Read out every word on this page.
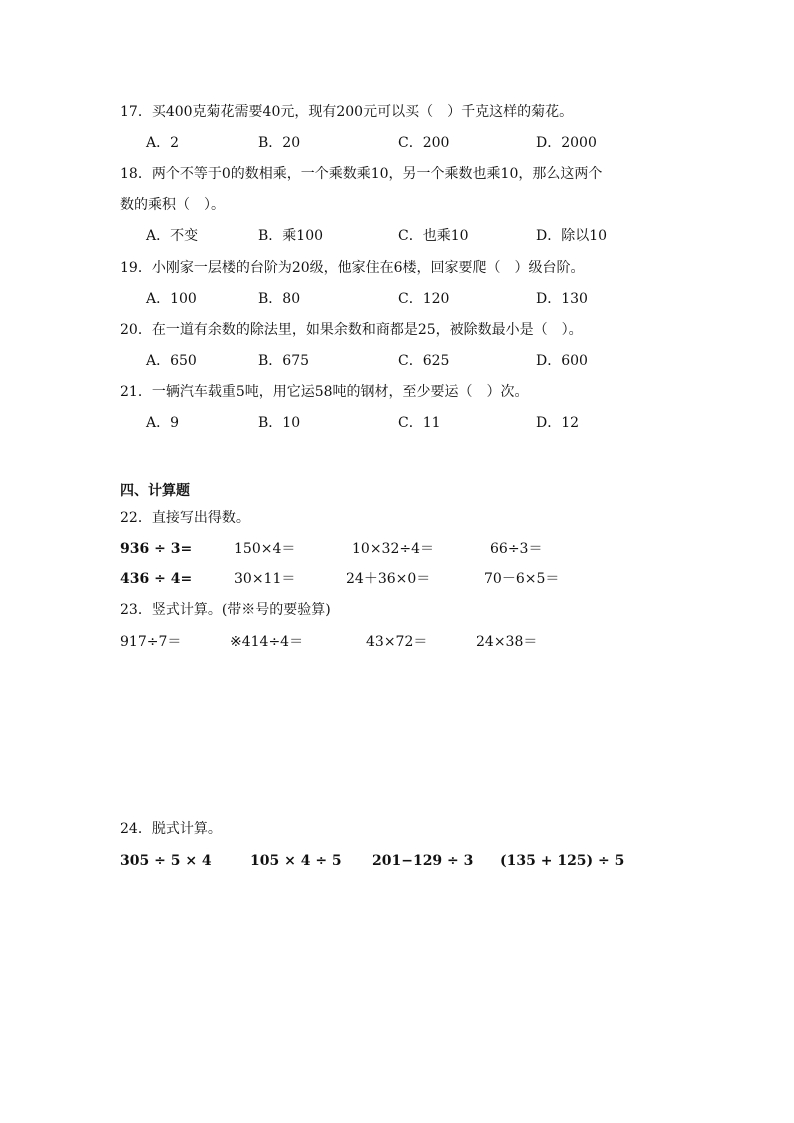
17．买400克菊花需要40元，现有200元可以买（　）千克这样的菊花。
A．2	B．20	C．200	D．2000
18．两个不等于0的数相乘，一个乘数乘10，另一个乘数也乘10，那么这两个
数的乘积（　）。
A．不变	B．乘100	C．也乘10	D．除以10
19．小刚家一层楼的台阶为20级，他家住在6楼，回家要爬（　）级台阶。
A．100	B．80	C．120	D．130
20．在一道有余数的除法里，如果余数和商都是25，被除数最小是（　）。
A．650	B．675	C．625	D．600
21．一辆汽车载重5吨，用它运58吨的钢材，至少要运（　）次。
A．9	B．10	C．11	D．12
四、计算题
22．直接写出得数。
936 ÷ 3=	150×4＝	10×32÷4＝	66÷3＝
436 ÷ 4=	30×11＝	24＋36×0＝	70－6×5＝
23．竖式计算。(带※号的要验算)
917÷7＝	※414÷4＝	43×72＝	24×38＝
24．脱式计算。
305 ÷ 5 × 4	105 × 4 ÷ 5 201−129 ÷ 3 (135 + 125) ÷ 5
